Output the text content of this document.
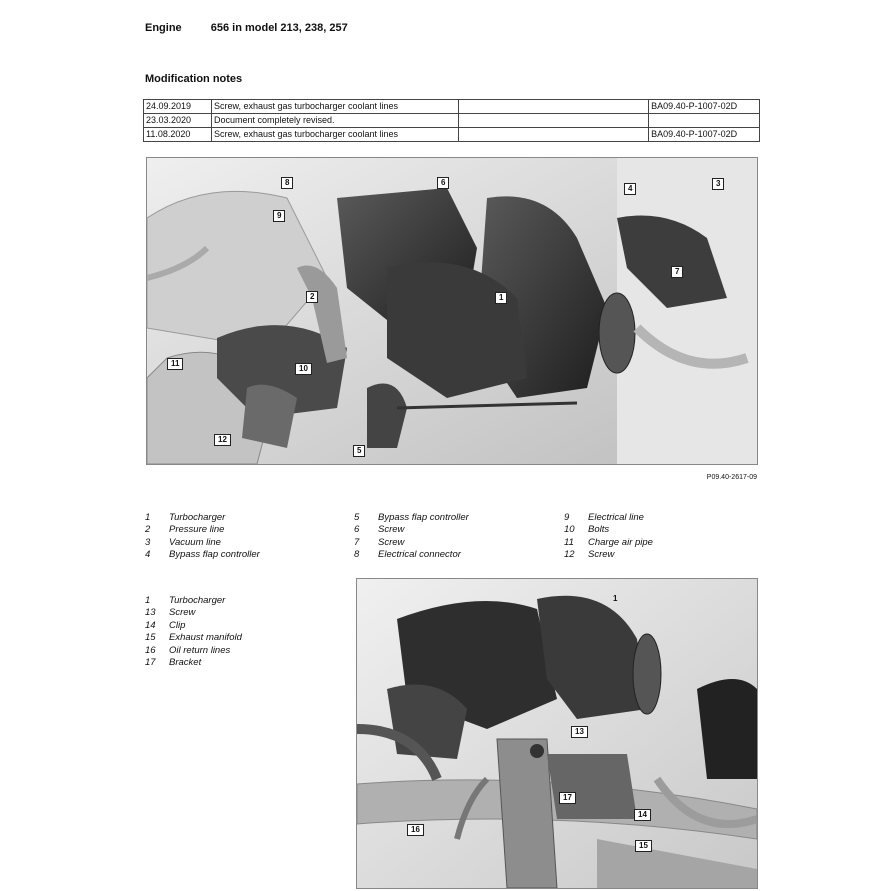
Engine	656 in model 213, 238, 257
Modification notes
24.09.2019	Screw, exhaust gas turbocharger coolant lines		BA09.40-P-1007-02D
23.03.2020	Document completely revised.		
11.08.2020	Screw, exhaust gas turbocharger coolant lines		BA09.40-P-1007-02D
8	6
4
3
9
7
2	1
11
10
5
12
P09.40-2617-09
1	Turbocharger
2	Pressure line
3	Vacuum line
4	Bypass flap controller
5	Bypass flap controller
6	Screw
7	Screw
8	Electrical connector
9	Electrical line
10	Bolts
11	Charge air pipe
12	Screw
1	Turbocharger
13	Screw
14	Clip
15	Exhaust manifold
16	Oil return lines
17	Bracket
1
13
17
14
16
15
